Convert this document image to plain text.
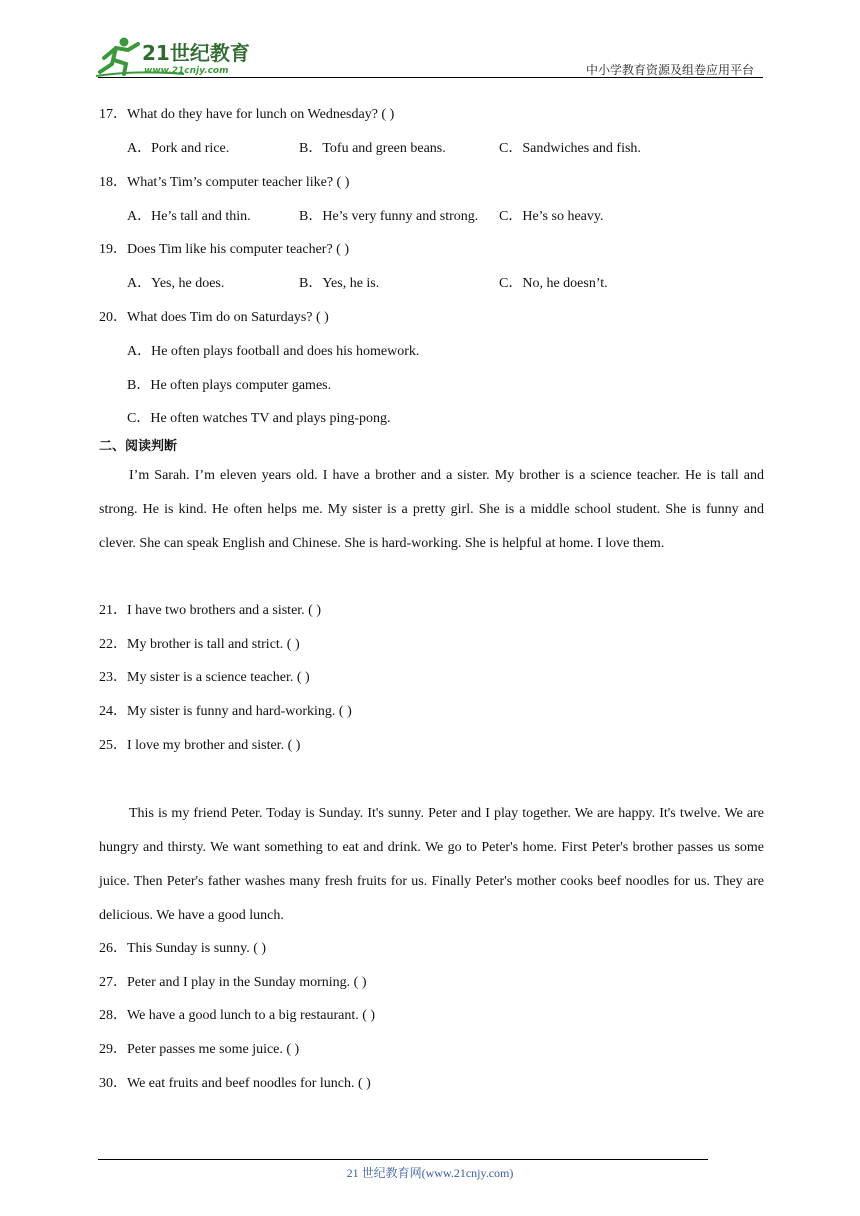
21世纪教育
www.21cnjy.com	中小学教育资源及组卷应用平台
17．What do they have for lunch on Wednesday? ( )
A．Pork and rice.	B．Tofu and green beans.	C．Sandwiches and fish.
18．What’s Tim’s computer teacher like? ( )
A．He’s tall and thin.	B．He’s very funny and strong. C．He’s so heavy.
19．Does Tim like his computer teacher? ( )
A．Yes, he does.	B．Yes, he is.	C．No, he doesn’t.
20．What does Tim do on Saturdays? ( )
A．He often plays football and does his homework.
B．He often plays computer games.
C．He often watches TV and plays ping-pong.
二、阅读判断
I’m Sarah. I’m eleven years old. I have a brother and a sister. My brother is a science teacher. He is tall and strong. He is kind. He often helps me. My sister is a pretty girl. She is a middle school student. She is funny and clever. She can speak English and Chinese. She is hard-working. She is helpful at home. I love them.
21．I have two brothers and a sister. ( )
22．My brother is tall and strict. ( )
23．My sister is a science teacher. ( )
24．My sister is funny and hard-working. ( )
25．I love my brother and sister. ( )
This is my friend Peter. Today is Sunday. It's sunny. Peter and I play together. We are happy. It's twelve. We are hungry and thirsty. We want something to eat and drink. We go to Peter's home. First Peter's brother passes us some juice. Then Peter's father washes many fresh fruits for us. Finally Peter's mother cooks beef noodles for us. They are delicious. We have a good lunch.
26．This Sunday is sunny. ( )
27．Peter and I play in the Sunday morning. ( )
28．We have a good lunch to a big restaurant. ( )
29．Peter passes me some juice. ( )
30．We eat fruits and beef noodles for lunch. ( )
21 世纪教育网(www.21cnjy.com)
